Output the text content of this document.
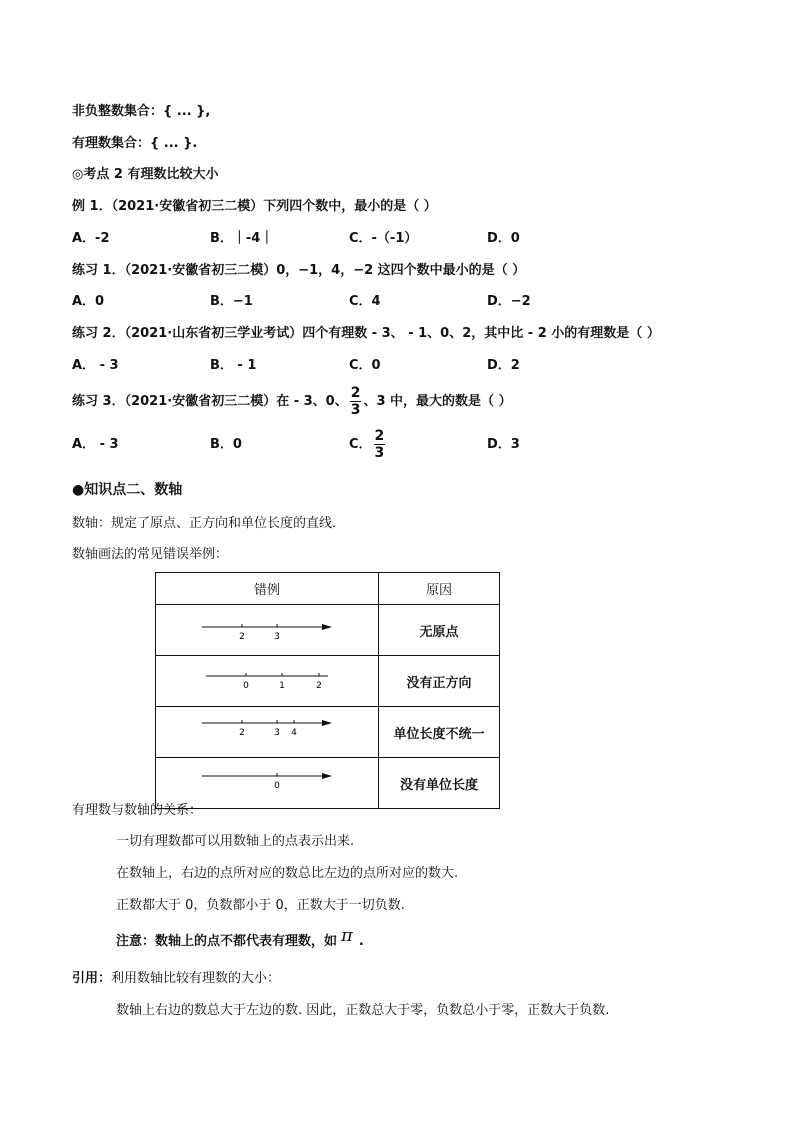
非负整数集合：{ ... },
有理数集合：{ ... }.
◎考点 2 有理数比较大小
例 1．（2021·安徽省初三二模）下列四个数中，最小的是（ ）
A．-2	B．｜-4｜	C．-（-1）	D．0
练习 1．（2021·安徽省初三二模）0，−1，4，−2 这四个数中最小的是（ ）
A．0	B．−1	C．4	D．−2
练习 2．（2021·山东省初三学业考试）四个有理数 - 3、 - 1、0、2，其中比 - 2 小的有理数是（ ）
A． - 3	B． - 1	C．0	D．2
练习 3．（2021·安徽省初三二模）在 - 3、0、 $\frac{2}{3}$ 、3 中，最大的数是（ ）
A． - 3	B．0	C． $\frac{2}{3}$	D．3
●知识点二、数轴
数轴：规定了原点、正方向和单位长度的直线.
数轴画法的常见错误举例：
错例	原因

2 3	无原点

0 1 2	没有正方向

2 3 4	单位长度不统一

0	没有单位长度
有理数与数轴的关系：
一切有理数都可以用数轴上的点表示出来.
在数轴上，右边的点所对应的数总比左边的点所对应的数大.
正数都大于 0，负数都小于 0，正数大于一切负数.
注意：数轴上的点不都代表有理数，如 π .
引用：利用数轴比较有理数的大小：
数轴上右边的数总大于左边的数. 因此，正数总大于零，负数总小于零，正数大于负数.
